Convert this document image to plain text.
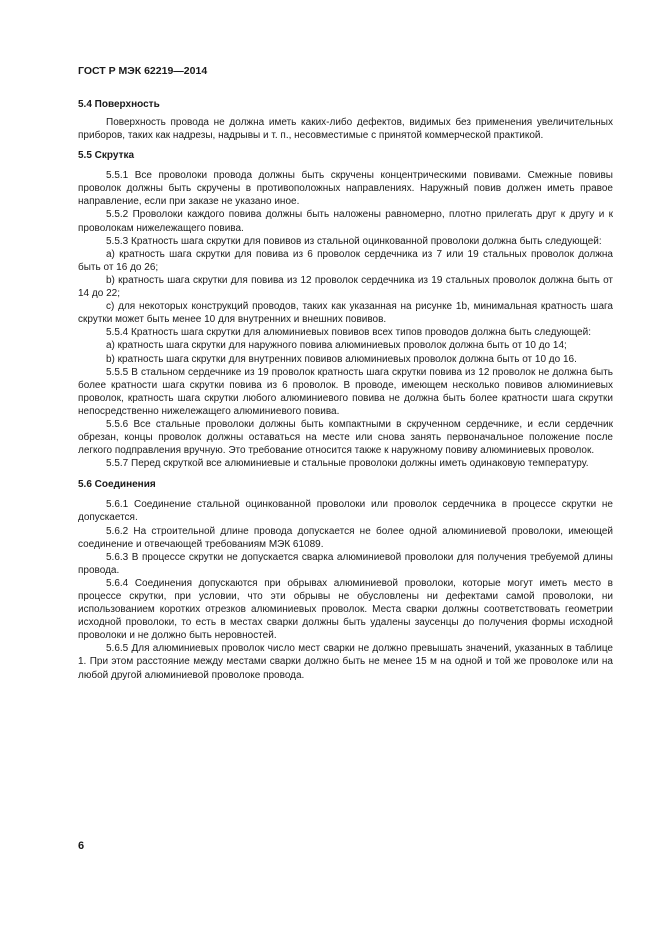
ГОСТ Р МЭК 62219—2014
5.4 Поверхность

Поверхность провода не должна иметь каких-либо дефектов, видимых без применения увеличительных приборов, таких как надрезы, надрывы и т. п., несовместимые с принятой коммерческой практикой.

5.5 Скрутка

5.5.1 Все проволоки провода должны быть скручены концентрическими повивами. Смежные повивы проволок должны быть скручены в противоположных направлениях. Наружный повив должен иметь правое направление, если при заказе не указано иное.

5.5.2 Проволоки каждого повива должны быть наложены равномерно, плотно прилегать друг к другу и к проволокам нижележащего повива.

5.5.3 Кратность шага скрутки для повивов из стальной оцинкованной проволоки должна быть следующей:

a) кратность шага скрутки для повива из 6 проволок сердечника из 7 или 19 стальных проволок должна быть от 16 до 26;

b) кратность шага скрутки для повива из 12 проволок сердечника из 19 стальных проволок должна быть от 14 до 22;

c) для некоторых конструкций проводов, таких как указанная на рисунке 1b, минимальная кратность шага скрутки может быть менее 10 для внутренних и внешних повивов.

5.5.4 Кратность шага скрутки для алюминиевых повивов всех типов проводов должна быть следующей:

a) кратность шага скрутки для наружного повива алюминиевых проволок должна быть от 10 до 14;

b) кратность шага скрутки для внутренних повивов алюминиевых проволок должна быть от 10 до 16.

5.5.5 В стальном сердечнике из 19 проволок кратность шага скрутки повива из 12 проволок не должна быть более кратности шага скрутки повива из 6 проволок. В проводе, имеющем несколько повивов алюминиевых проволок, кратность шага скрутки любого алюминиевого повива не должна быть более кратности шага скрутки непосредственно нижележащего алюминиевого повива.

5.5.6 Все стальные проволоки должны быть компактными в скрученном сердечнике, и если сердечник обрезан, концы проволок должны оставаться на месте или снова занять первоначальное положение после легкого подправления вручную. Это требование относится также к наружному повиву алюминиевых проволок.

5.5.7 Перед скруткой все алюминиевые и стальные проволоки должны иметь одинаковую температуру.

5.6 Соединения

5.6.1 Соединение стальной оцинкованной проволоки или проволок сердечника в процессе скрутки не допускается.

5.6.2 На строительной длине провода допускается не более одной алюминиевой проволоки, имеющей соединение и отвечающей требованиям МЭК 61089.

5.6.3 В процессе скрутки не допускается сварка алюминиевой проволоки для получения требуемой длины провода.

5.6.4 Соединения допускаются при обрывах алюминиевой проволоки, которые могут иметь место в процессе скрутки, при условии, что эти обрывы не обусловлены ни дефектами самой проволоки, ни использованием коротких отрезков алюминиевых проволок. Места сварки должны соответствовать геометрии исходной проволоки, то есть в местах сварки должны быть удалены заусенцы до получения формы исходной проволоки и не должно быть неровностей.

5.6.5 Для алюминиевых проволок число мест сварки не должно превышать значений, указанных в таблице 1. При этом расстояние между местами сварки должно быть не менее 15 м на одной и той же проволоке или на любой другой алюминиевой проволоке провода.

6
